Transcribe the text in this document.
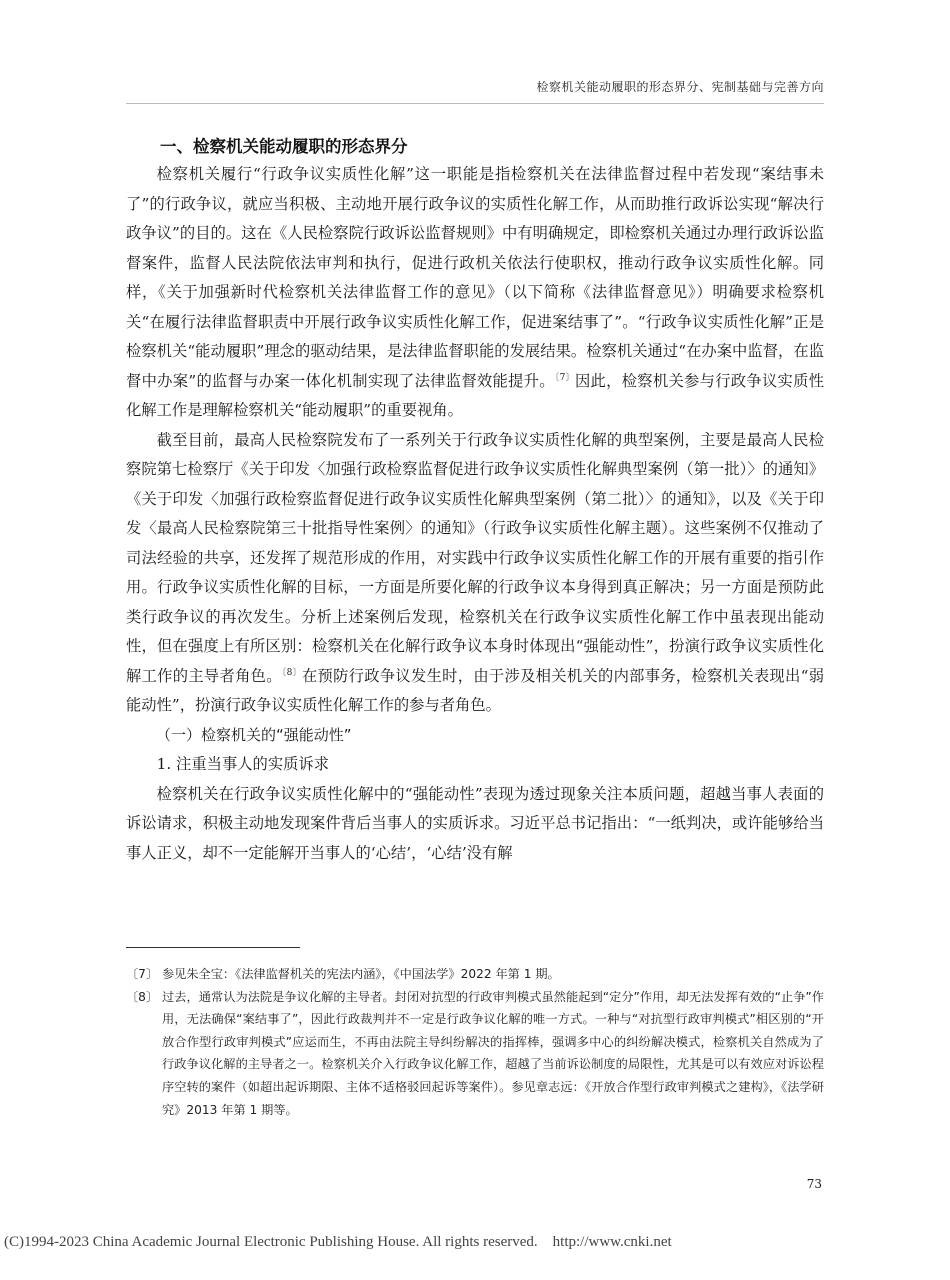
检察机关能动履职的形态界分、宪制基础与完善方向
一、检察机关能动履职的形态界分

检察机关履行“行政争议实质性化解”这一职能是指检察机关在法律监督过程中若发现“案结事未了”的行政争议，就应当积极、主动地开展行政争议的实质性化解工作，从而助推行政诉讼实现“解决行政争议”的目的。这在《人民检察院行政诉讼监督规则》中有明确规定，即检察机关通过办理行政诉讼监督案件，监督人民法院依法审判和执行，促进行政机关依法行使职权，推动行政争议实质性化解。同样，《关于加强新时代检察机关法律监督工作的意见》（以下简称《法律监督意见》）明确要求检察机关“在履行法律监督职责中开展行政争议实质性化解工作，促进案结事了”。“行政争议实质性化解”正是检察机关“能动履职”理念的驱动结果，是法律监督职能的发展结果。检察机关通过“在办案中监督，在监督中办案”的监督与办案一体化机制实现了法律监督效能提升。$^{〔7〕}$因此，检察机关参与行政争议实质性化解工作是理解检察机关“能动履职”的重要视角。

截至目前，最高人民检察院发布了一系列关于行政争议实质性化解的典型案例，主要是最高人民检察院第七检察厅《关于印发〈加强行政检察监督促进行政争议实质性化解典型案例（第一批）〉的通知》《关于印发〈加强行政检察监督促进行政争议实质性化解典型案例（第二批）〉的通知》，以及《关于印发〈最高人民检察院第三十批指导性案例〉的通知》（行政争议实质性化解主题）。这些案例不仅推动了司法经验的共享，还发挥了规范形成的作用，对实践中行政争议实质性化解工作的开展有重要的指引作用。行政争议实质性化解的目标，一方面是所要化解的行政争议本身得到真正解决；另一方面是预防此类行政争议的再次发生。分析上述案例后发现，检察机关在行政争议实质性化解工作中虽表现出能动性，但在强度上有所区别：检察机关在化解行政争议本身时体现出“强能动性”，扮演行政争议实质性化解工作的主导者角色。$^{〔8〕}$在预防行政争议发生时，由于涉及相关机关的内部事务，检察机关表现出“弱能动性”，扮演行政争议实质性化解工作的参与者角色。

（一）检察机关的“强能动性”

1. 注重当事人的实质诉求

检察机关在行政争议实质性化解中的“强能动性”表现为透过现象关注本质问题，超越当事人表面的诉讼请求，积极主动地发现案件背后当事人的实质诉求。习近平总书记指出：“一纸判决，或许能够给当事人正义，却不一定能解开当事人的‘心结’，‘心结’没有解

〔7〕 参见朱全宝：《法律监督机关的宪法内涵》，《中国法学》2022 年第 1 期。
〔8〕 过去，通常认为法院是争议化解的主导者。封闭对抗型的行政审判模式虽然能起到“定分”作用，却无法发挥有效的“止争”作用，无法确保“案结事了”，因此行政裁判并不一定是行政争议化解的唯一方式。一种与“对抗型行政审判模式”相区别的“开放合作型行政审判模式”应运而生，不再由法院主导纠纷解决的指挥棒，强调多中心的纠纷解决模式，检察机关自然成为了行政争议化解的主导者之一。检察机关介入行政争议化解工作，超越了当前诉讼制度的局限性，尤其是可以有效应对诉讼程序空转的案件（如超出起诉期限、主体不适格驳回起诉等案件）。参见章志远：《开放合作型行政审判模式之建构》，《法学研究》2013 年第 1 期等。
73
(C)1994-2023 China Academic Journal Electronic Publishing House. All rights reserved.    http://www.cnki.net
